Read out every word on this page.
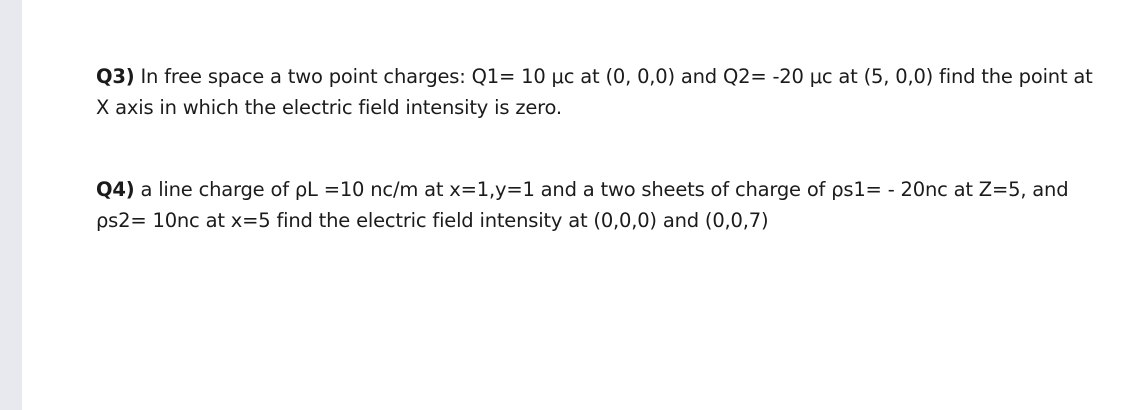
Q3) In free space a two point charges: Q1= 10 μc at (0, 0,0) and Q2= -20 μc at (5, 0,0) find the point at X axis in which the electric field intensity is zero.

Q4) a line charge of ρL =10 nc/m at x=1,y=1 and a two sheets of charge of ρs1= - 20nc at Z=5, and ρs2= 10nc at x=5 find the electric field intensity at (0,0,0) and (0,0,7)
